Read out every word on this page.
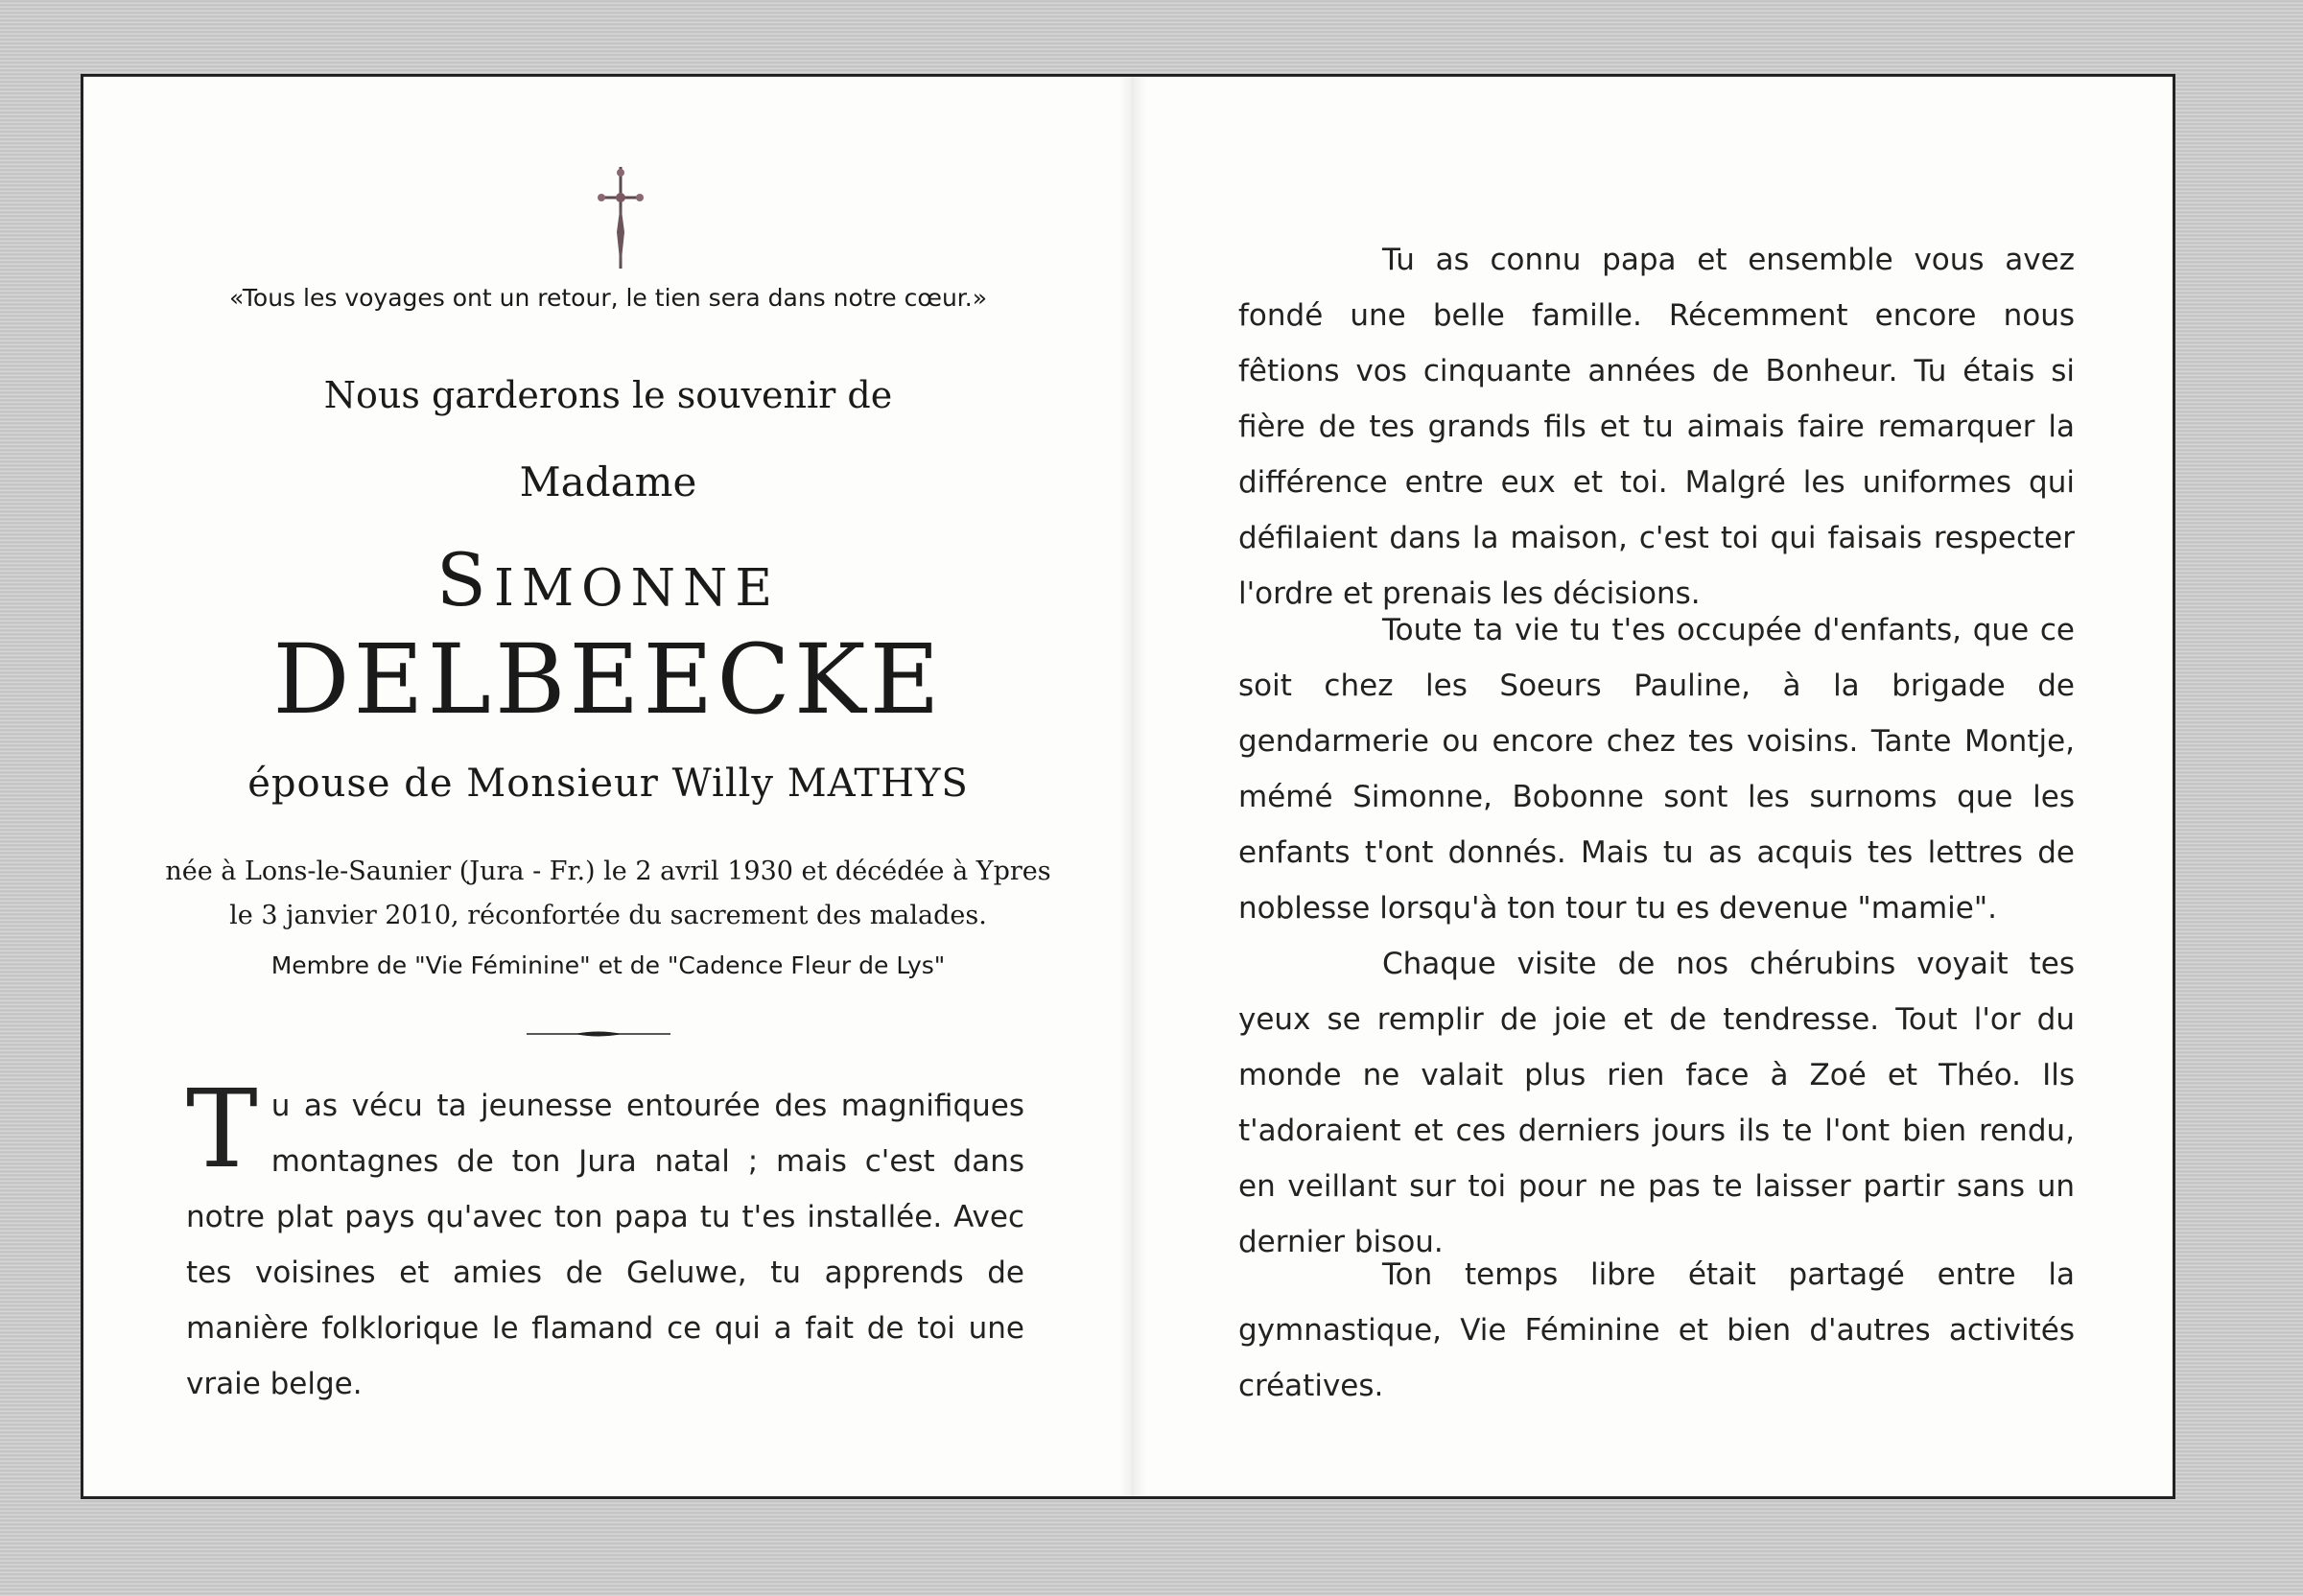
«Tous les voyages ont un retour, le tien sera dans notre cœur.»
Nous garderons le souvenir de
Madame
Simonne
DELBEECKE
épouse de Monsieur Willy MATHYS
née à Lons-le-Saunier (Jura - Fr.) le 2 avril 1930 et décédée à Ypres
le 3 janvier 2010, réconfortée du sacrement des malades.
Membre de "Vie Féminine" et de "Cadence Fleur de Lys"
Tu as vécu ta jeunesse entourée des magnifiques montagnes de ton Jura natal ; mais c'est dans notre plat pays qu'avec ton papa tu t'es installée. Avec tes voisines et amies de Geluwe, tu apprends de manière folklorique le flamand ce qui a fait de toi une vraie belge.
Tu as connu papa et ensemble vous avez fondé une belle famille. Récemment encore nous fêtions vos cinquante années de Bonheur. Tu étais si fière de tes grands fils et tu aimais faire remarquer la différence entre eux et toi. Malgré les uniformes qui défilaient dans la maison, c'est toi qui faisais respecter l'ordre et prenais les décisions.
Toute ta vie tu t'es occupée d'enfants, que ce soit chez les Soeurs Pauline, à la brigade de gendarmerie ou encore chez tes voisins. Tante Montje, mémé Simonne, Bobonne sont les surnoms que les enfants t'ont donnés. Mais tu as acquis tes lettres de noblesse lorsqu'à ton tour tu es devenue "mamie".
Chaque visite de nos chérubins voyait tes yeux se remplir de joie et de tendresse. Tout l'or du monde ne valait plus rien face à Zoé et Théo. Ils t'adoraient et ces derniers jours ils te l'ont bien rendu, en veillant sur toi pour ne pas te laisser partir sans un dernier bisou.
Ton temps libre était partagé entre la gymnastique, Vie Féminine et bien d'autres activités créatives.
